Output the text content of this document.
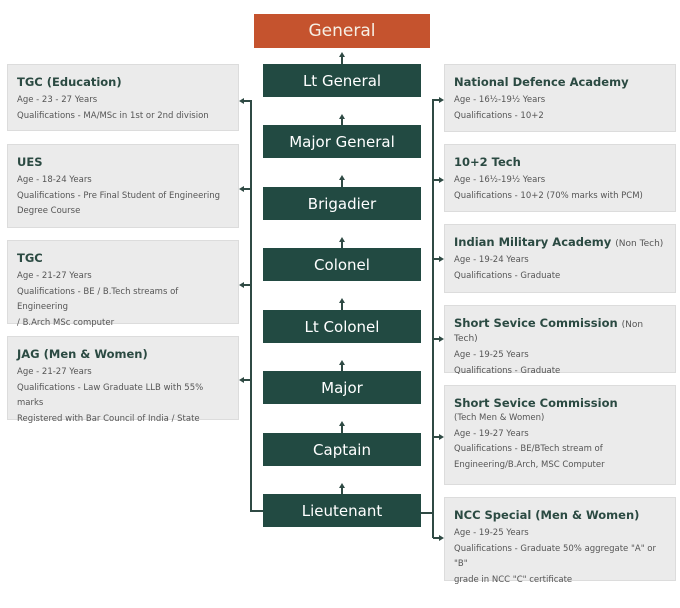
General
Lt General
Major General
Brigadier
Colonel
Lt Colonel
Major
Captain
Lieutenant
TGC (Education)
Age - 23 - 27 Years
Qualifications - MA/MSc in 1st or 2nd division
UES
Age - 18-24 Years
Qualifications - Pre Final Student of Engineering
Degree Course
TGC
Age - 21-27 Years
Qualifications - BE / B.Tech streams of Engineering
/ B.Arch MSc computer
JAG (Men & Women)
Age - 21-27 Years
Qualifications - Law Graduate LLB with 55% marks
Registered with Bar Council of India / State
National Defence Academy
Age - 16½-19½ Years
Qualifications - 10+2
10+2 Tech
Age - 16½-19½ Years
Qualifications - 10+2 (70% marks with PCM)
Indian Military Academy (Non Tech)
Age - 19-24 Years
Qualifications - Graduate
Short Sevice Commission (Non Tech)
Age - 19-25 Years
Qualifications - Graduate
Short Sevice Commission
(Tech Men & Women)
Age - 19-27 Years
Qualifications - BE/BTech stream of
Engineering/B.Arch, MSC Computer
NCC Special (Men & Women)
Age - 19-25 Years
Qualifications - Graduate 50% aggregate "A" or "B"
grade in NCC "C" certificate
